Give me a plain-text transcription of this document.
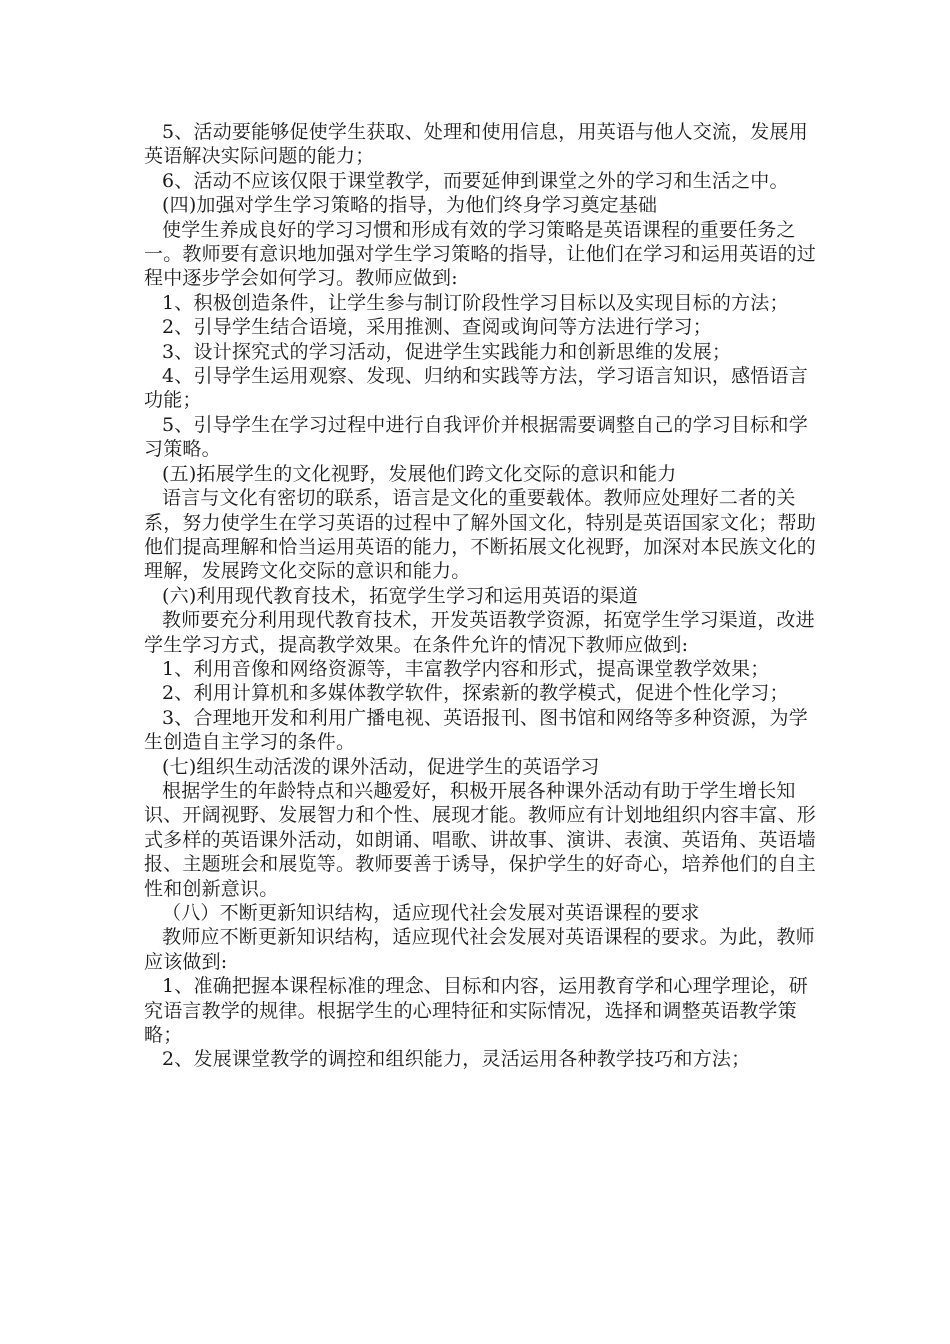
5、活动要能够促使学生获取、处理和使用信息，用英语与他人交流，发展用英语解决实际问题的能力；

6、活动不应该仅限于课堂教学，而要延伸到课堂之外的学习和生活之中。

(四)加强对学生学习策略的指导，为他们终身学习奠定基础

使学生养成良好的学习习惯和形成有效的学习策略是英语课程的重要任务之一。教师要有意识地加强对学生学习策略的指导，让他们在学习和运用英语的过程中逐步学会如何学习。教师应做到:

1、积极创造条件，让学生参与制订阶段性学习目标以及实现目标的方法；

2、引导学生结合语境，采用推测、查阅或询问等方法进行学习；

3、设计探究式的学习活动，促进学生实践能力和创新思维的发展；

4、引导学生运用观察、发现、归纳和实践等方法，学习语言知识，感悟语言功能；

5、引导学生在学习过程中进行自我评价并根据需要调整自己的学习目标和学习策略。

(五)拓展学生的文化视野，发展他们跨文化交际的意识和能力

语言与文化有密切的联系，语言是文化的重要载体。教师应处理好二者的关系，努力使学生在学习英语的过程中了解外国文化，特别是英语国家文化；帮助他们提高理解和恰当运用英语的能力，不断拓展文化视野，加深对本民族文化的理解，发展跨文化交际的意识和能力。

(六)利用现代教育技术，拓宽学生学习和运用英语的渠道

教师要充分利用现代教育技术，开发英语教学资源，拓宽学生学习渠道，改进学生学习方式，提高教学效果。在条件允许的情况下教师应做到:

1、利用音像和网络资源等，丰富教学内容和形式，提高课堂教学效果；

2、利用计算机和多媒体教学软件，探索新的教学模式，促进个性化学习；

3、合理地开发和利用广播电视、英语报刊、图书馆和网络等多种资源，为学生创造自主学习的条件。

(七)组织生动活泼的课外活动，促进学生的英语学习

根据学生的年龄特点和兴趣爱好，积极开展各种课外活动有助于学生增长知识、开阔视野、发展智力和个性、展现才能。教师应有计划地组织内容丰富、形式多样的英语课外活动，如朗诵、唱歌、讲故事、演讲、表演、英语角、英语墙报、主题班会和展览等。教师要善于诱导，保护学生的好奇心，培养他们的自主性和创新意识。

（八）不断更新知识结构，适应现代社会发展对英语课程的要求

教师应不断更新知识结构，适应现代社会发展对英语课程的要求。为此，教师应该做到:

1、准确把握本课程标准的理念、目标和内容，运用教育学和心理学理论，研究语言教学的规律。根据学生的心理特征和实际情况，选择和调整英语教学策略；

2、发展课堂教学的调控和组织能力，灵活运用各种教学技巧和方法；
